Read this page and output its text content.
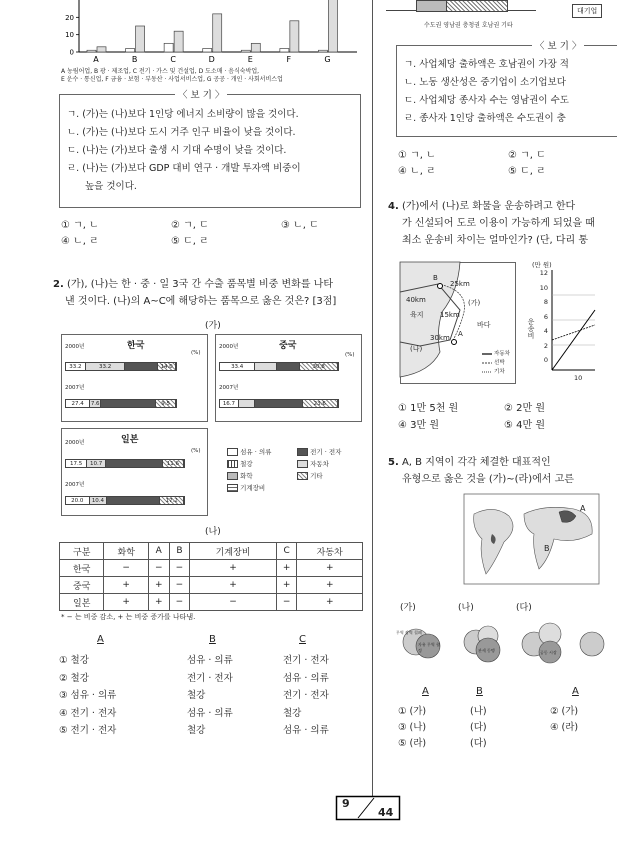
20
10
0
A	B	C	D	E	F	G
A 농림어업, B 광 · 제조업, C 전기 · 가스 및 건설업, D 도소매 · 음식숙박업,
E 운수 · 통신업, F 금융 · 보험 · 부동산 · 사업서비스업, G 공공 · 개인 · 사회서비스업
〈 보 기 〉
ㄱ. (가)는 (나)보다 1인당 에너지 소비량이 많을 것이다.
ㄴ. (가)는 (나)보다 도시 거주 인구 비율이 낮을 것이다.
ㄷ. (나)는 (가)보다 출생 시 기대 수명이 낮을 것이다.
ㄹ. (나)는 (가)보다 GDP 대비 연구 · 개발 투자액 비중이
높을 것이다.
① ㄱ, ㄴ	② ㄱ, ㄷ	③ ㄴ, ㄷ
④ ㄴ, ㄹ	⑤ ㄷ, ㄹ
2. (가), (나)는 한 · 중 · 일 3국 간 수출 품목별 비중 변화를 나타
낸 것이다. (나)의 A~C에 해당하는 품목으로 옳은 것은? [3점]
(가)
한국
2000년
(%)
33.2	33.2	14.0
2007년
27.4	7.6	9.5
중국
2000년
(%)
33.4	30.8
2007년
16.7	23.6
일본
2000년
(%)
17.5	10.7	11.6
2007년
20.0	10.4	17.2
섬유 · 의류	전기 · 전자
철강	자동차
화학	기타
기계장비
(나)
구분	화학	A	B	기계장비	C	자동차
한국	−	−	−	+	+	+
중국	+	+	−	+	+	+
일본	+	+	−	−	−	+
* − 는 비중 감소, + 는 비중 증가를 나타냄.
A	B	C
① 철강	섬유 · 의류	전기 · 전자
② 철강	전기 · 전자	섬유 · 의류
③ 섬유 · 의류	철강	전기 · 전자
④ 전기 · 전자	섬유 · 의류	철강
⑤ 전기 · 전자	철강	섬유 · 의류
대기업
수도권 영남권 충청권 호남권 기타
〈 보 기 〉
ㄱ. 사업체당 출하액은 호남권이 가장 적
ㄴ. 노동 생산성은 중기업이 소기업보다
ㄷ. 사업체당 종사자 수는 영남권이 수도
ㄹ. 종사자 1인당 출하액은 수도권이 충
① ㄱ, ㄴ	② ㄱ, ㄷ
④ ㄴ, ㄹ	⑤ ㄷ, ㄹ
4. (가)에서 (나)로 화물을 운송하려고 한다
가 신설되어 도로 이용이 가능하게 되었을 때
최소 운송비 차이는 얼마인가? (단, 다리 통
B
25km
40km	(가)
육지 15km
바다
30km A
(나)
자동차
선박
기차
(만 원)
운송비
12
10
8
6
4
2
0
10
① 1만 5천 원	② 2만 원
④ 3만 원	⑤ 4만 원
5. A, B 지역이 각각 체결한 대표적인
유형으로 옳은 것을 (가)~(라)에서 고른
A
B
(가)	(나)	(다)
무역 장벽 철폐
자유 무역 협정	관세 동맹	공동 시장
A	B	A
① (가)	(나)	② (가)
③ (나)	(다)	④ (라)
⑤ (라)	(다)
9
44
